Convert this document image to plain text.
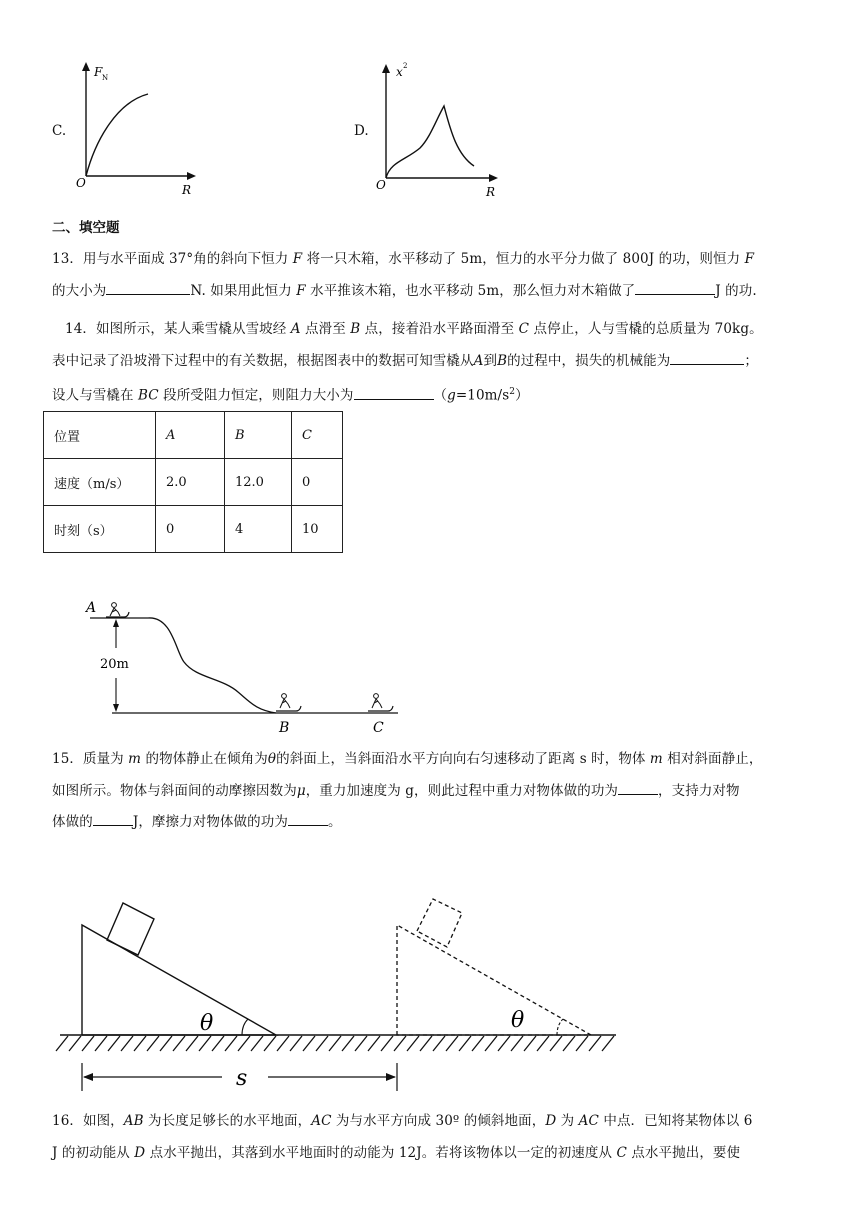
C.
F N
O	R
D.
x 2
O	R
二、填空题
13．用与水平面成 37°角的斜向下恒力 F 将一只木箱，水平移动了 5m，恒力的水平分力做了 800J 的功，则恒力 F
的大小为	N. 如果用此恒力 F 水平推该木箱，也水平移动 5m，那么恒力对木箱做了	J 的功.
14．如图所示，某人乘雪橇从雪坡经 A 点滑至 B 点，接着沿水平路面滑至 C 点停止，人与雪橇的总质量为 70kg。
表中记录了沿坡滑下过程中的有关数据，根据图表中的数据可知雪橇从A到B的过程中，损失的机械能为	；
设人与雪橇在 BC 段所受阻力恒定，则阻力大小为	$(g=10m/s^2)$
位置	A	B	C
速度（m/s）	2.0	12.0	0
时刻（s）	0	4	10
20m
A
B	C
15．质量为 m 的物体静止在倾角为θ的斜面上，当斜面沿水平方向向右匀速移动了距离 s 时，物体 m 相对斜面静止，
如图所示。物体与斜面间的动摩擦因数为μ，重力加速度为 g，则此过程中重力对物体做的功为	，支持力对物
体做的	J，摩擦力对物体做的功为	。
θ	θ
s
16．如图，AB 为长度足够长的水平地面，AC 为与水平方向成 30º 的倾斜地面，D 为 AC 中点．已知将某物体以 6
J 的初动能从 D 点水平抛出，其落到水平地面时的动能为 12J。若将该物体以一定的初速度从 C 点水平抛出，要使
